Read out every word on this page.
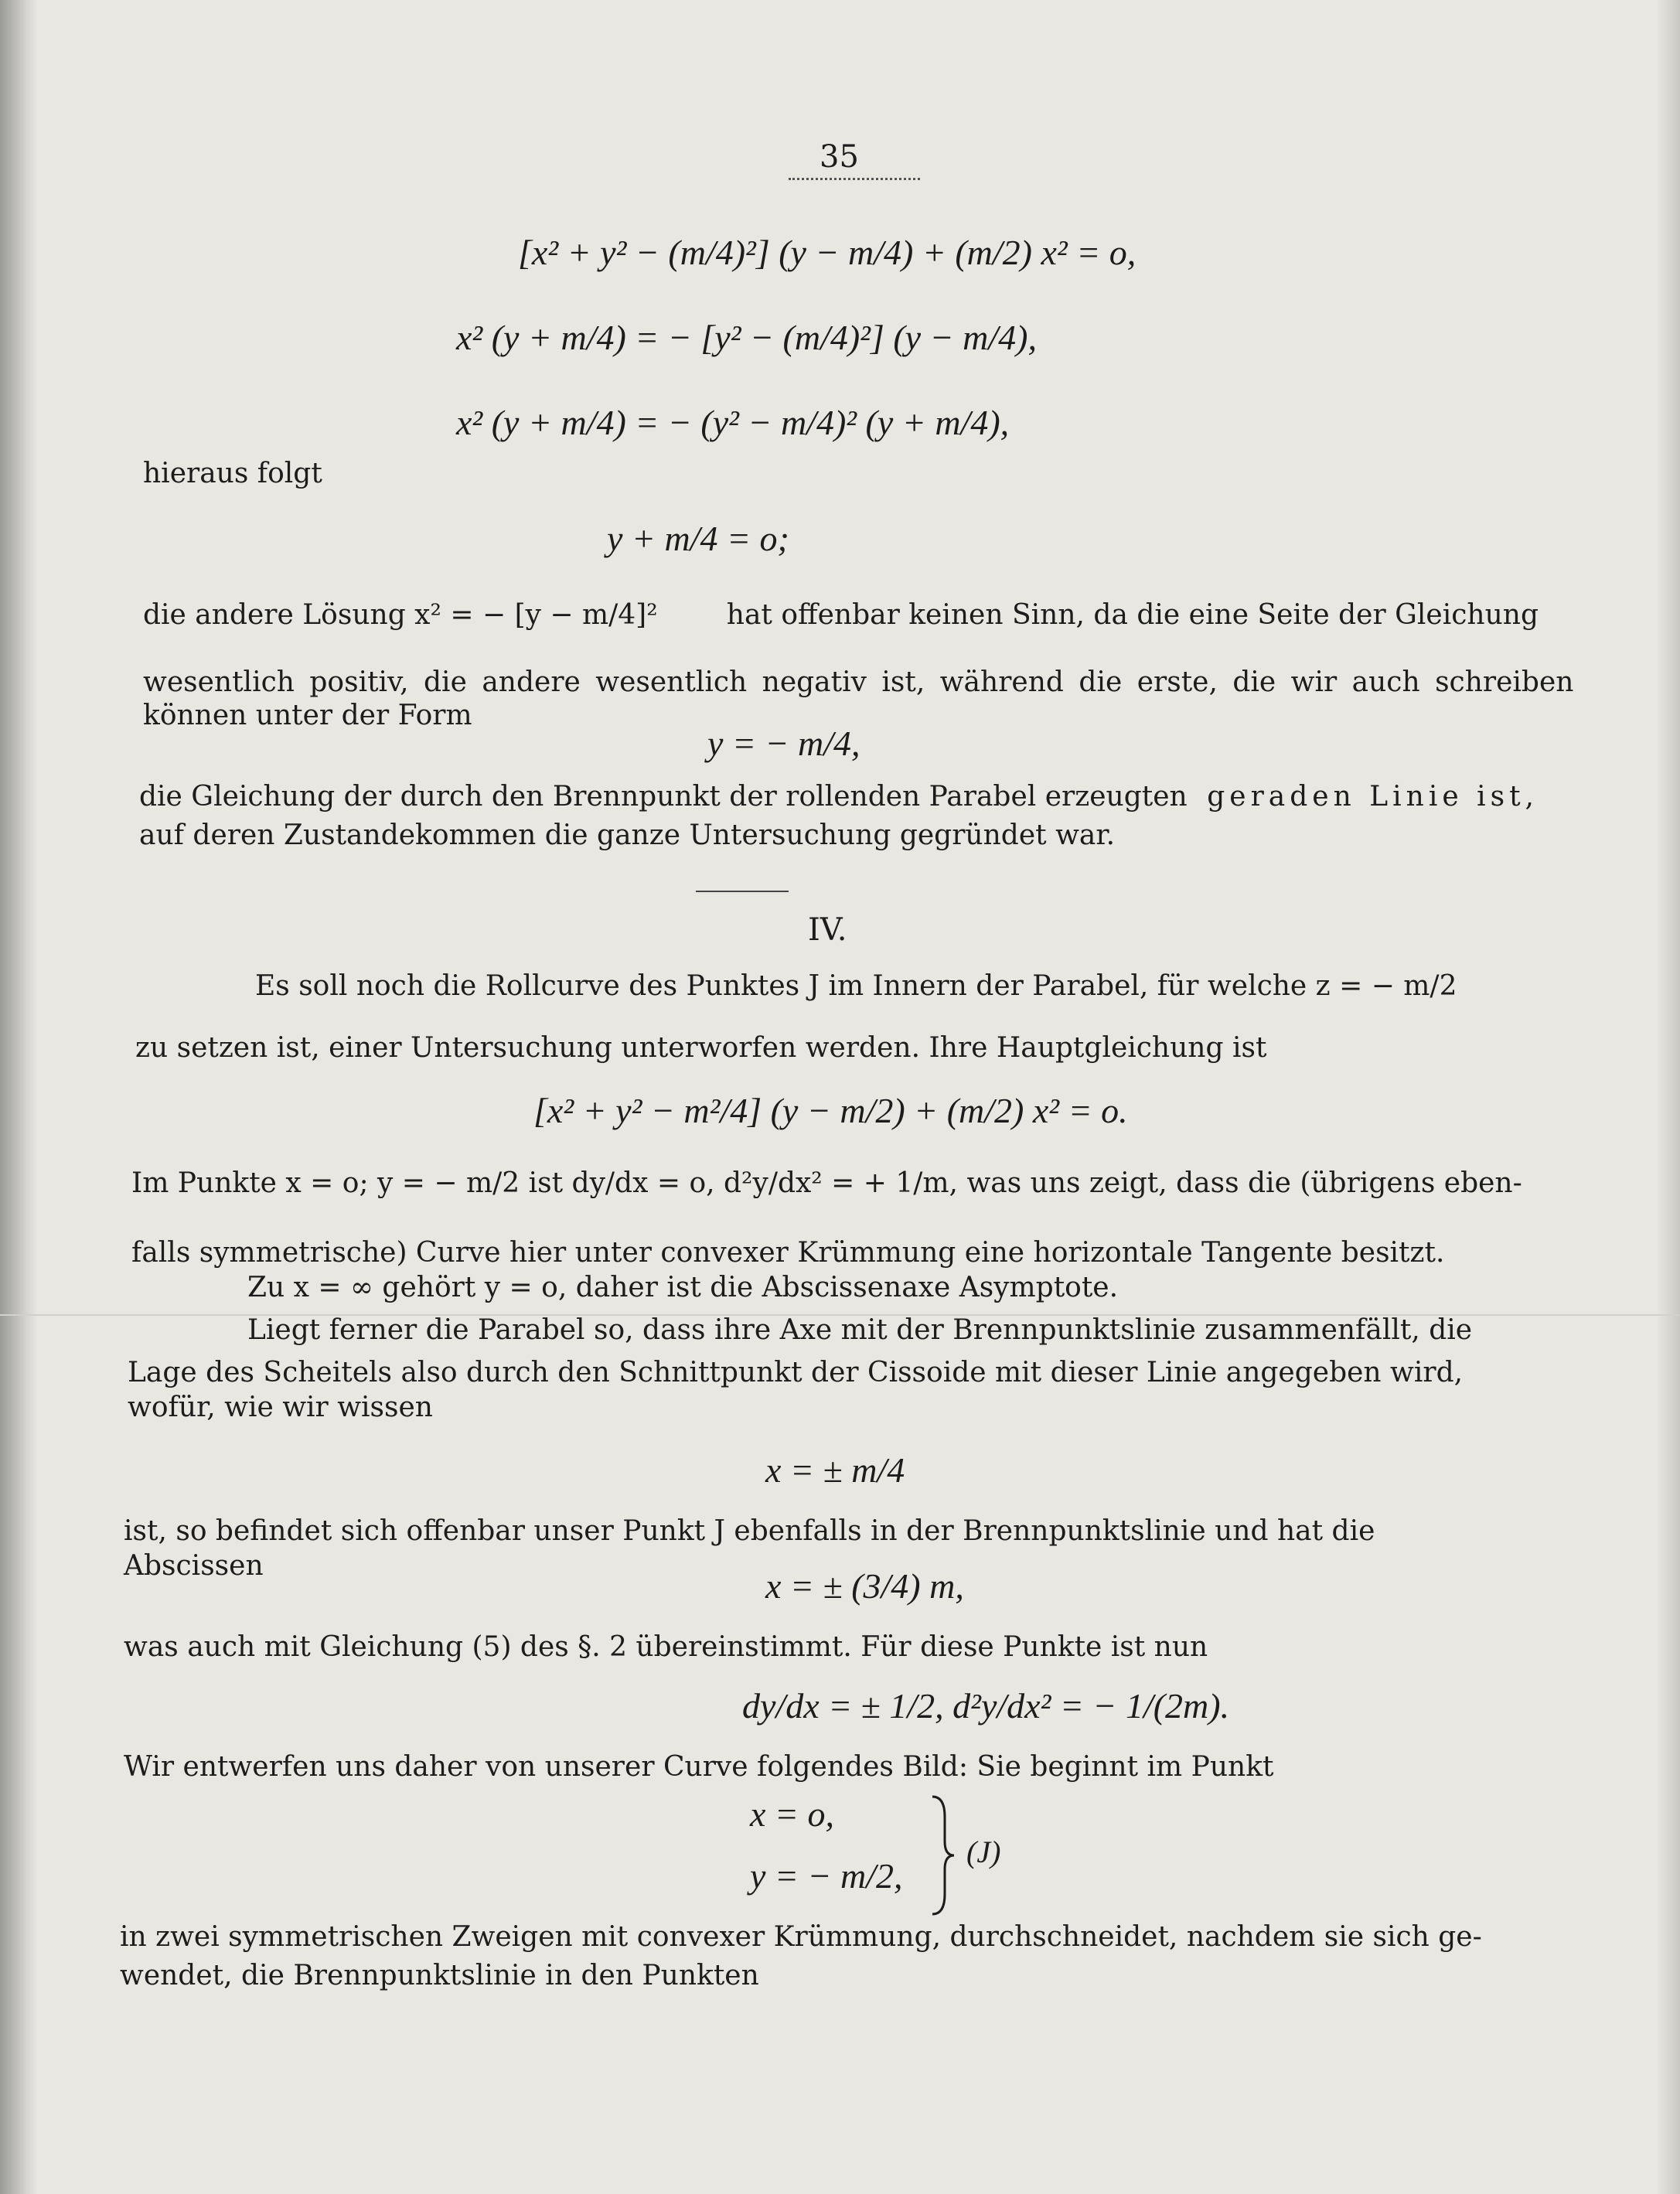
35
[x² + y² − (m/4)²] (y − m/4) + (m/2) x² = o,
x² (y + m/4) = − [y² − (m/4)²] (y − m/4),
x² (y + m/4) = − (y² − m/4)² (y + m/4),
hieraus folgt
y + m/4 = o;
die andere Lösung x² = − [y − m/4]² hat offenbar keinen Sinn, da die eine Seite der Gleichung
wesentlich positiv, die andere wesentlich negativ ist, während die erste, die wir auch schreiben
können unter der Form
y = − m/4,
die Gleichung der durch den Brennpunkt der rollenden Parabel erzeugten geraden Linie ist,
auf deren Zustandekommen die ganze Untersuchung gegründet war.
IV.
Es soll noch die Rollcurve des Punktes J im Innern der Parabel, für welche z = − m/2
zu setzen ist, einer Untersuchung unterworfen werden. Ihre Hauptgleichung ist
[x² + y² − m²/4] (y − m/2) + (m/2) x² = o.
Im Punkte x = o; y = − m/2 ist dy/dx = o, d²y/dx² = + 1/m, was uns zeigt, dass die (übrigens eben-
falls symmetrische) Curve hier unter convexer Krümmung eine horizontale Tangente besitzt.
Zu x = ∞ gehört y = o, daher ist die Abscissenaxe Asymptote.
Liegt ferner die Parabel so, dass ihre Axe mit der Brennpunktslinie zusammenfällt, die
Lage des Scheitels also durch den Schnittpunkt der Cissoide mit dieser Linie angegeben wird,
wofür, wie wir wissen
x = ± m/4
ist, so befindet sich offenbar unser Punkt J ebenfalls in der Brennpunktslinie und hat die
Abscissen
x = ± (3/4) m,
was auch mit Gleichung (5) des §. 2 übereinstimmt. Für diese Punkte ist nun
dy/dx = ± 1/2, d²y/dx² = − 1/(2m).
Wir entwerfen uns daher von unserer Curve folgendes Bild: Sie beginnt im Punkt
x = o,
y = − m/2,
(J)
in zwei symmetrischen Zweigen mit convexer Krümmung, durchschneidet, nachdem sie sich ge-
wendet, die Brennpunktslinie in den Punkten
